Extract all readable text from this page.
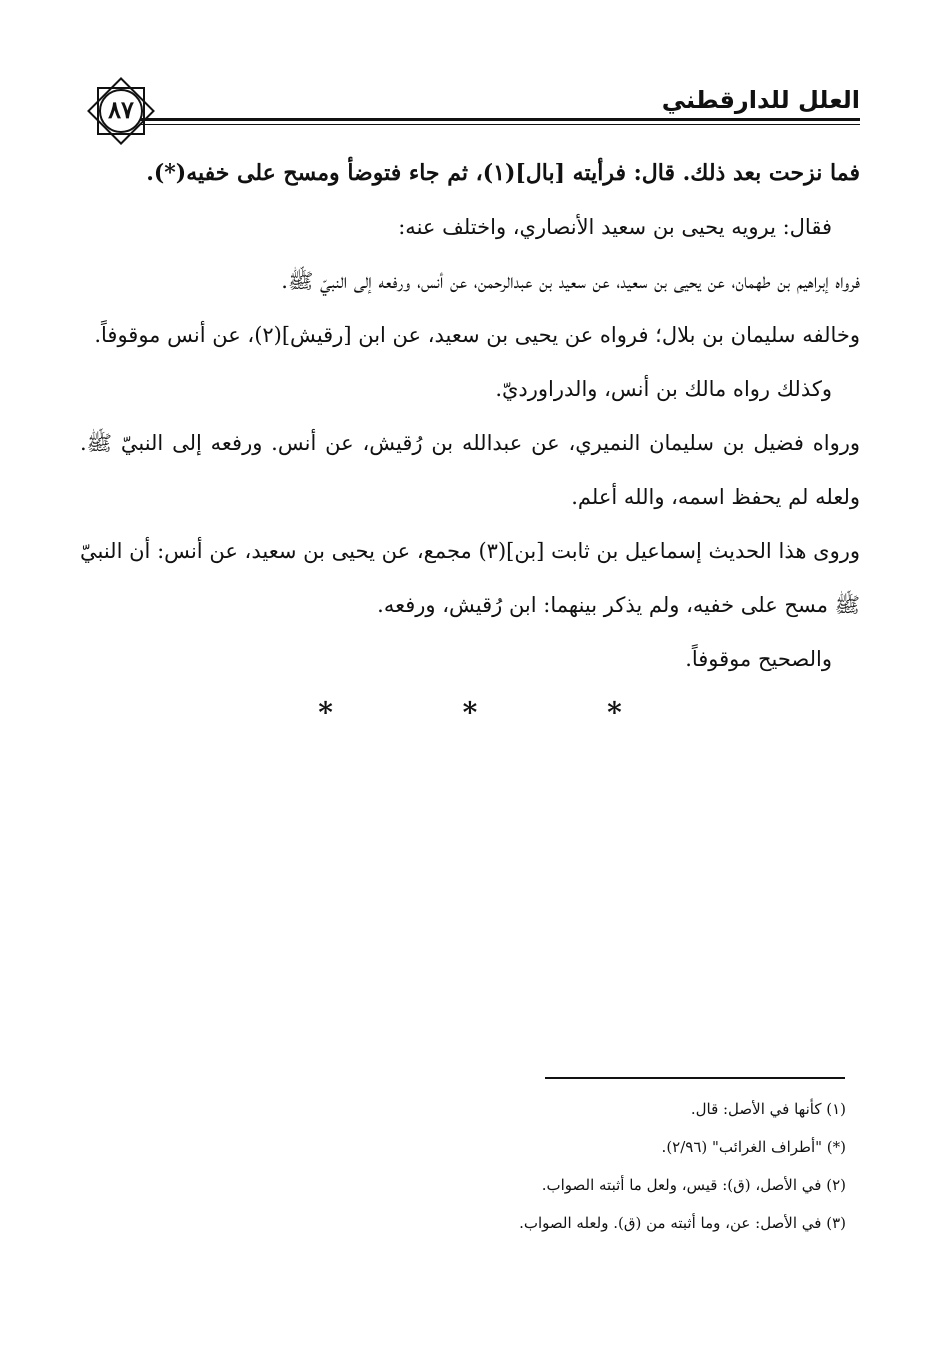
العلل للدارقطني
٨٧

فما نزحت بعد ذلك. قال: فرأيته [بال](١)، ثم جاء فتوضأ ومسح على خفيه(*).

فقال: يرويه يحيى بن سعيد الأنصاري، واختلف عنه:

فرواه إبراهيم بن طهمان، عن يحيى بن سعيد، عن سعيد بن عبدالرحمن، عن أنس، ورفعه إلى النبيّ ﷺ.

وخالفه سليمان بن بلال؛ فرواه عن يحيى بن سعيد، عن ابن [رقيش](٢)، عن أنس موقوفاً.

وكذلك رواه مالك بن أنس، والدراورديّ.

ورواه فضيل بن سليمان النميري، عن عبدالله بن رُقيش، عن أنس. ورفعه إلى النبيّ ﷺ. ولعله لم يحفظ اسمه، والله أعلم.

وروى هذا الحديث إسماعيل بن ثابت [بن](٣) مجمع، عن يحيى بن سعيد، عن أنس: أن النبيّ ﷺ مسح على خفيه، ولم يذكر بينهما: ابن رُقيش، ورفعه.

والصحيح موقوفاً.

* * *

(١) كأنها في الأصل: قال.

(*) "أطراف الغرائب" (٢/٩٦).

(٢) في الأصل، (ق): قيس، ولعل ما أثبته الصواب.

(٣) في الأصل: عن، وما أثبته من (ق). ولعله الصواب.
